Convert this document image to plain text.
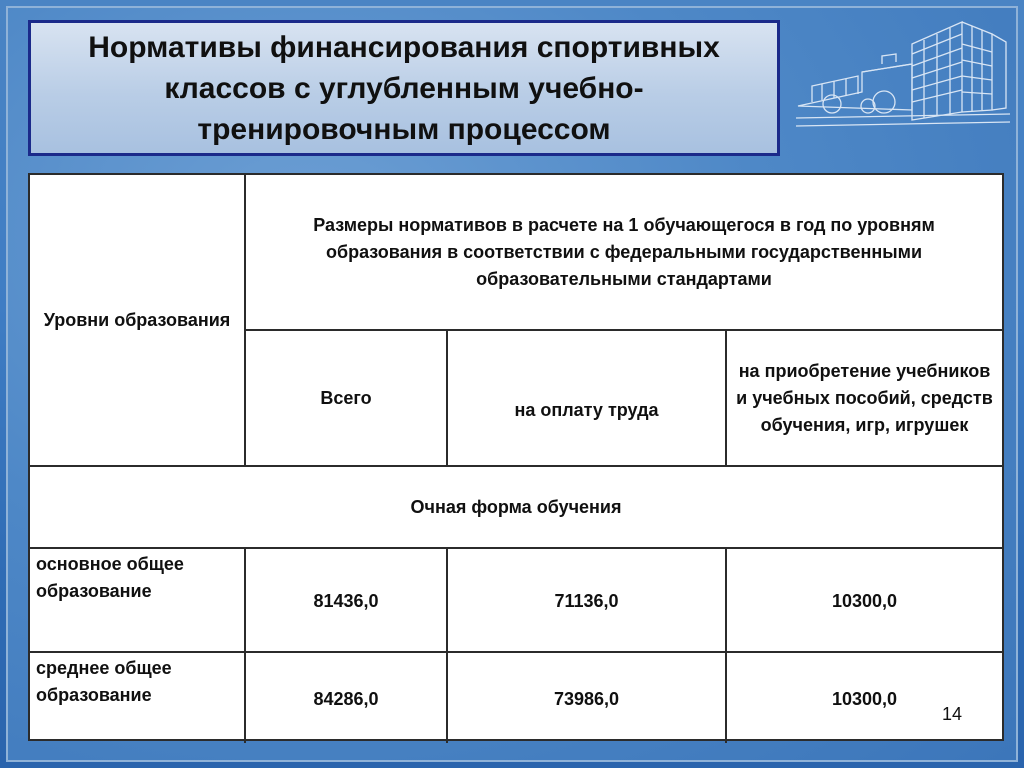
Нормативы финансирования спортивных классов с углубленным учебно-тренировочным процессом
Уровни образования	Размеры нормативов в расчете на 1 обучающегося в год по уровням образования в соответствии с федеральными государственными образовательными стандартами		
	Всего	на оплату труда	на приобретение учебников и учебных пособий, средств обучения, игр, игрушек
Очная форма обучения			
основное общее образование	81436,0	71136,0	10300,0
среднее общее образование	84286,0	73986,0	10300,0
14
